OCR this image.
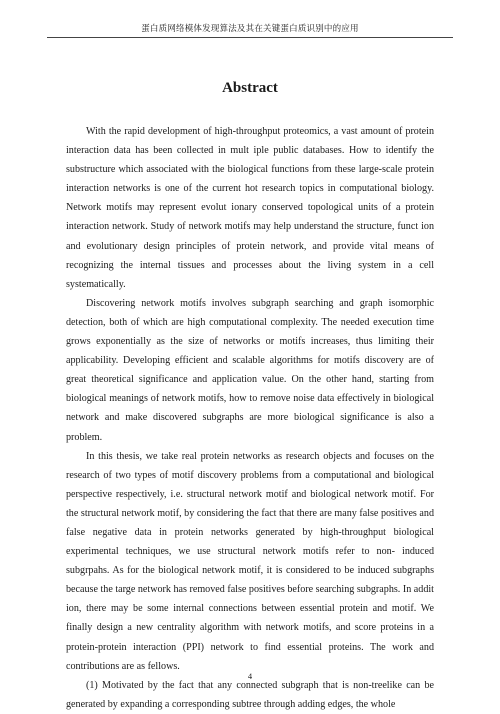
蛋白质网络模体发现算法及其在关键蛋白质识别中的应用
Abstract

With the rapid development of high-throughput proteomics, a vast amount of protein interaction data has been collected in mult iple public databases. How to identify the substructure which associated with the biological functions from these large-scale protein interaction networks is one of the current hot research topics in computational biology. Network motifs may represent evolut ionary conserved topological units of a protein interaction network. Study of network motifs may help understand the structure, funct ion and evolutionary design principles of protein network, and provide vital means of recognizing the internal tissues and processes about the living system in a cell systematically.

Discovering network motifs involves subgraph searching and graph isomorphic detection, both of which are high computational complexity. The needed execution time grows exponentially as the size of networks or motifs increases, thus limiting their applicability. Developing efficient and scalable algorithms for motifs discovery are of great theoretical significance and application value. On the other hand, starting from biological meanings of network motifs, how to remove noise data effectively in biological network and make discovered subgraphs are more biological significance is also a problem.

In this thesis, we take real protein networks as research objects and focuses on the research of two types of motif discovery problems from a computational and biological perspective respectively, i.e. structural network motif and biological network motif. For the structural network motif, by considering the fact that there are many false positives and false negative data in protein networks generated by high-throughput biological experimental techniques, we use structural network motifs refer to non- induced subgrpahs. As for the biological network motif, it is considered to be induced subgraphs because the targe network has removed false positives before searching subgraphs. In addit ion, there may be some internal connections between essential protein and motif. We finally design a new centrality algorithm with network motifs, and score proteins in a protein-protein interaction (PPI) network to find essential proteins. The work and contributions are as fellows.

(1) Motivated by the fact that any connected subgraph that is non-treelike can be generated by expanding a corresponding subtree through adding edges, the whole

4
